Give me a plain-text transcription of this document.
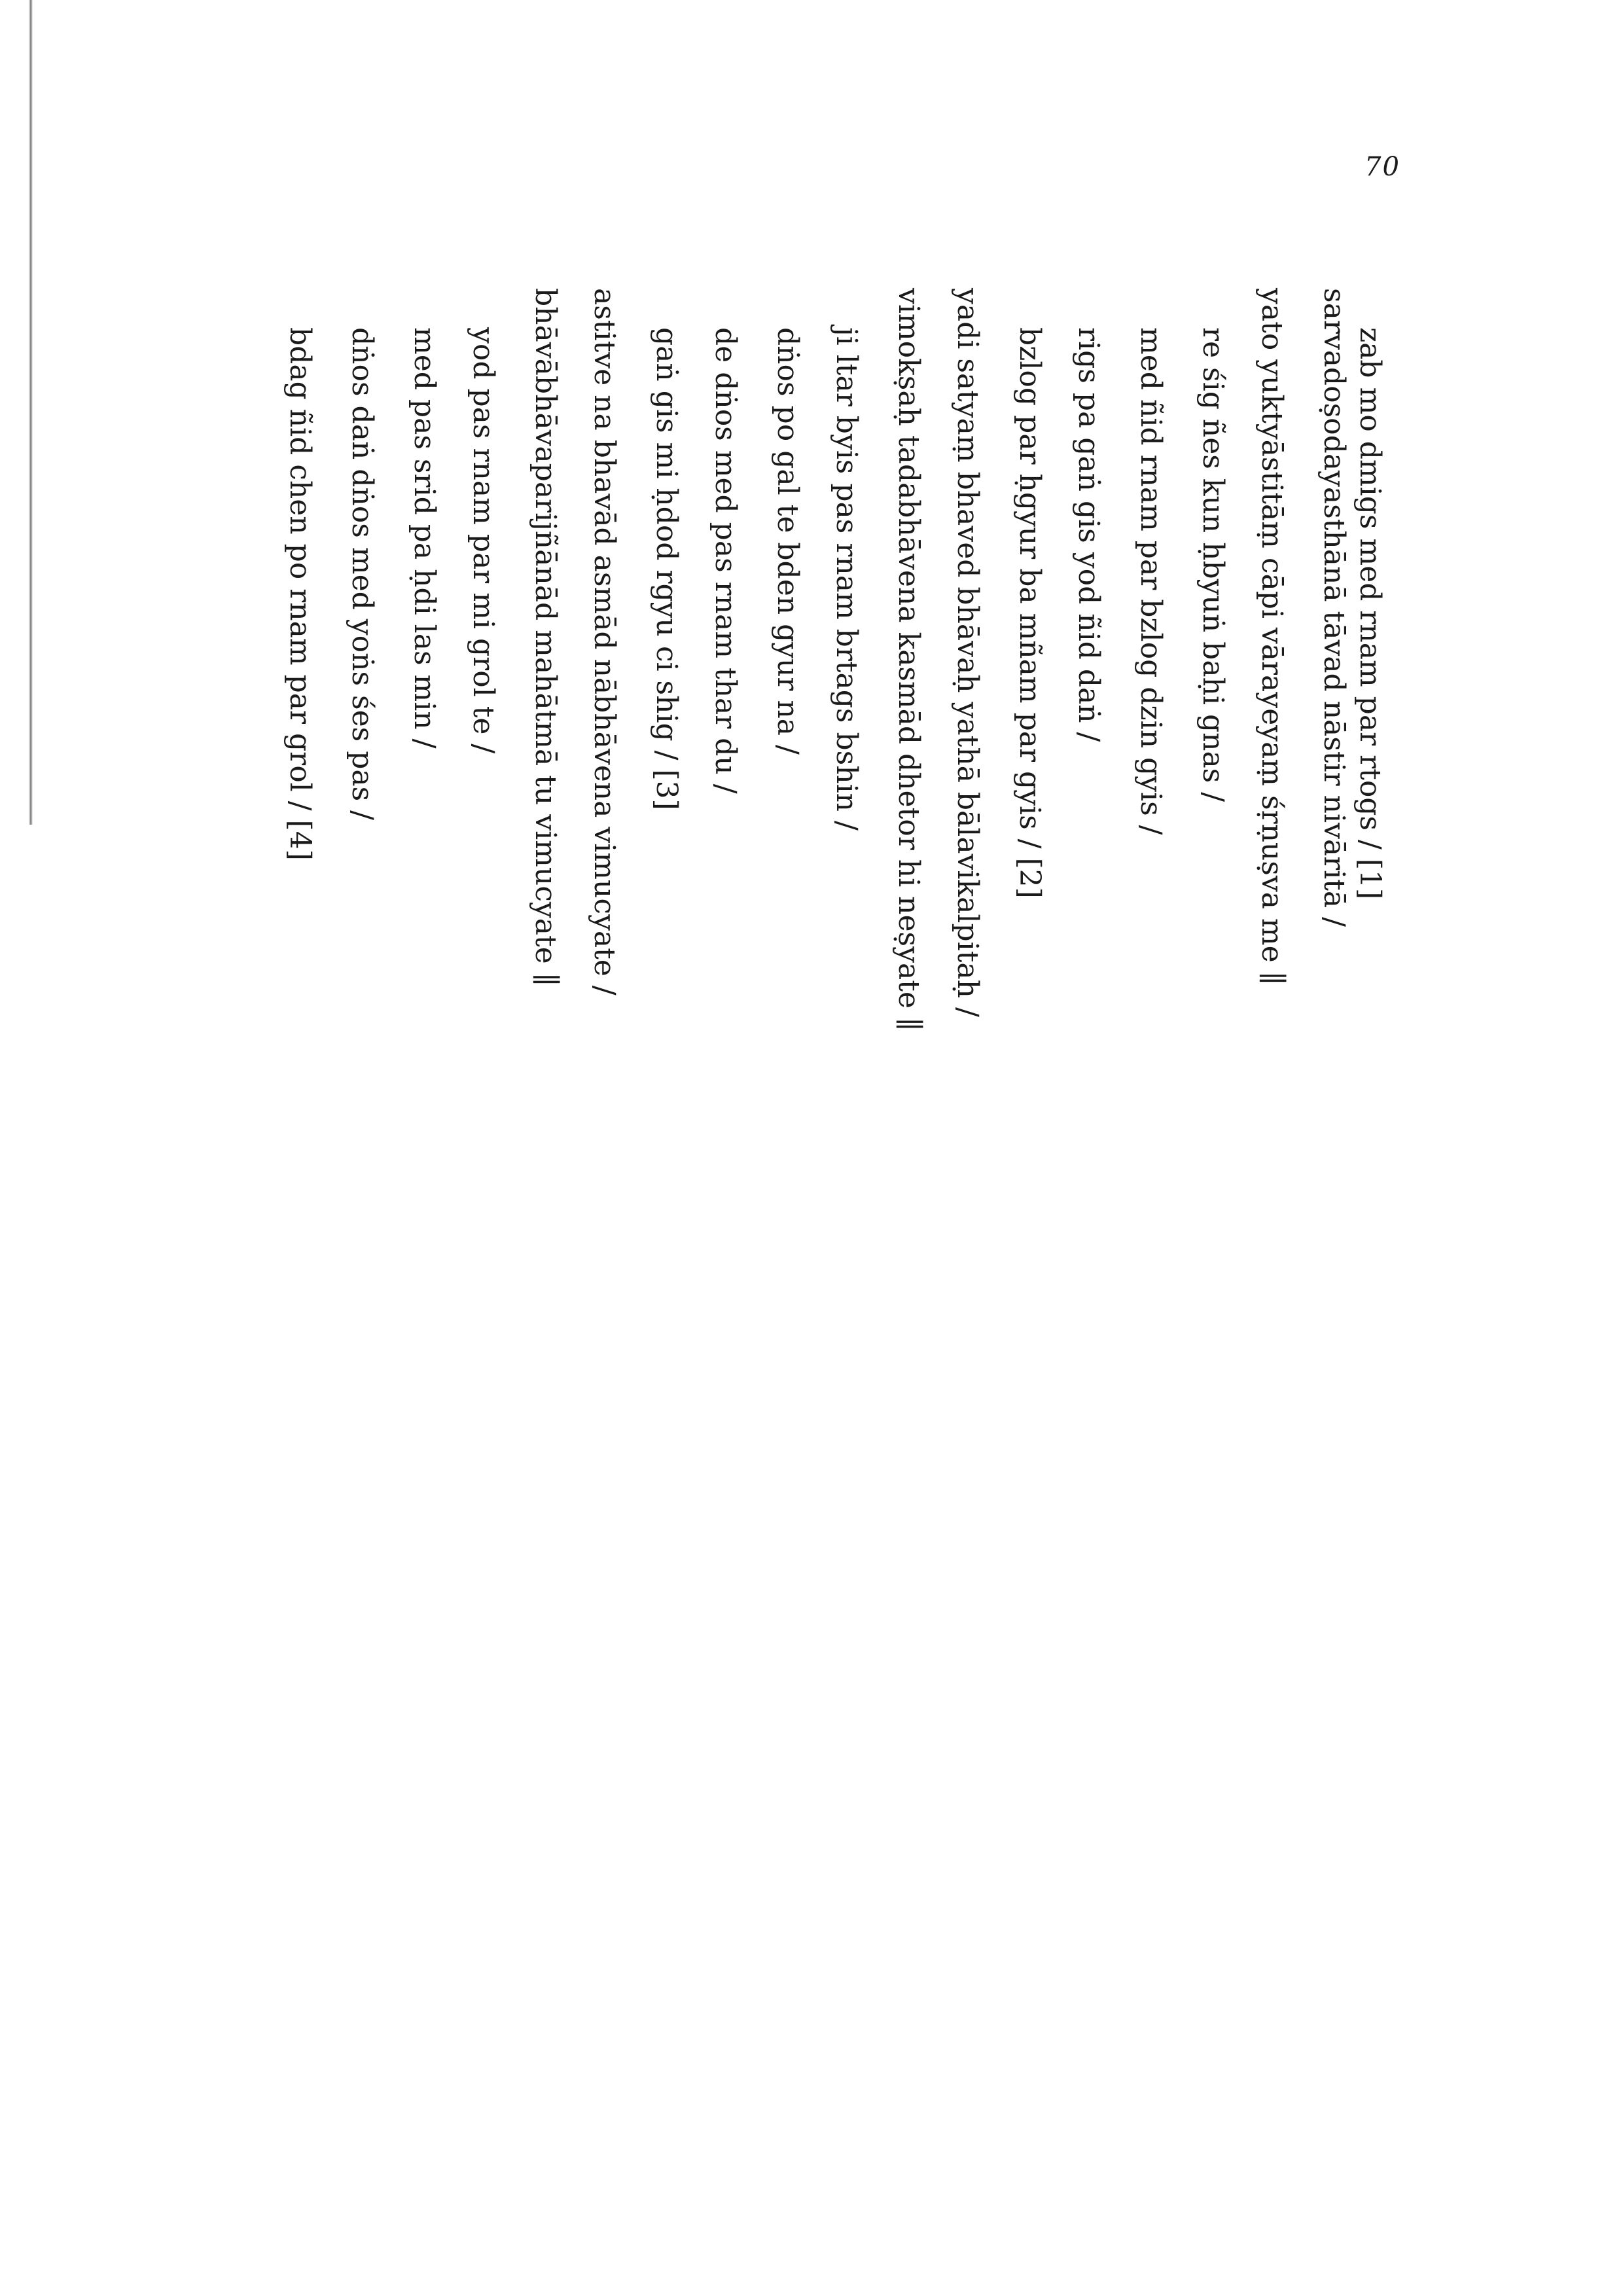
70
zab mo dmigs med rnam par rtogs / [1]
sarvadoṣodayasthānā tāvad nāstir nivāritā /
yato yuktyāstitāṃ cāpi vārayeyaṃ śṛṇuṣva me ∥
re śig ñes kun ḥbyuṅ baḥi gnas /
med ñid rnam par bzlog dzin gyis /
rigs pa gaṅ gis yod ñid daṅ /
bzlog par ḥgyur ba mñam par gyis / [2]
yadi satyaṃ bhaved bhāvaḥ yathā bālavikalpitaḥ /
vimokṣaḥ tadabhāvena kasmād dhetor hi neṣyate ∥
ji ltar byis pas rnam brtags bshin /
dṅos po gal te bden gyur na /
de dṅos med pas rnam thar du /
gaṅ gis mi ḥdod rgyu ci shig / [3]
astitve na bhavād asmād nābhāvena vimucyate /
bhāvābhāvaparijñānād mahātmā tu vimucyate ∥
yod pas rnam par mi grol te /
med pas srid pa ḥdi las min /
dṅos daṅ dṅos med yoṅs śes pas /
bdag ñid chen po rnam par grol / [4]
